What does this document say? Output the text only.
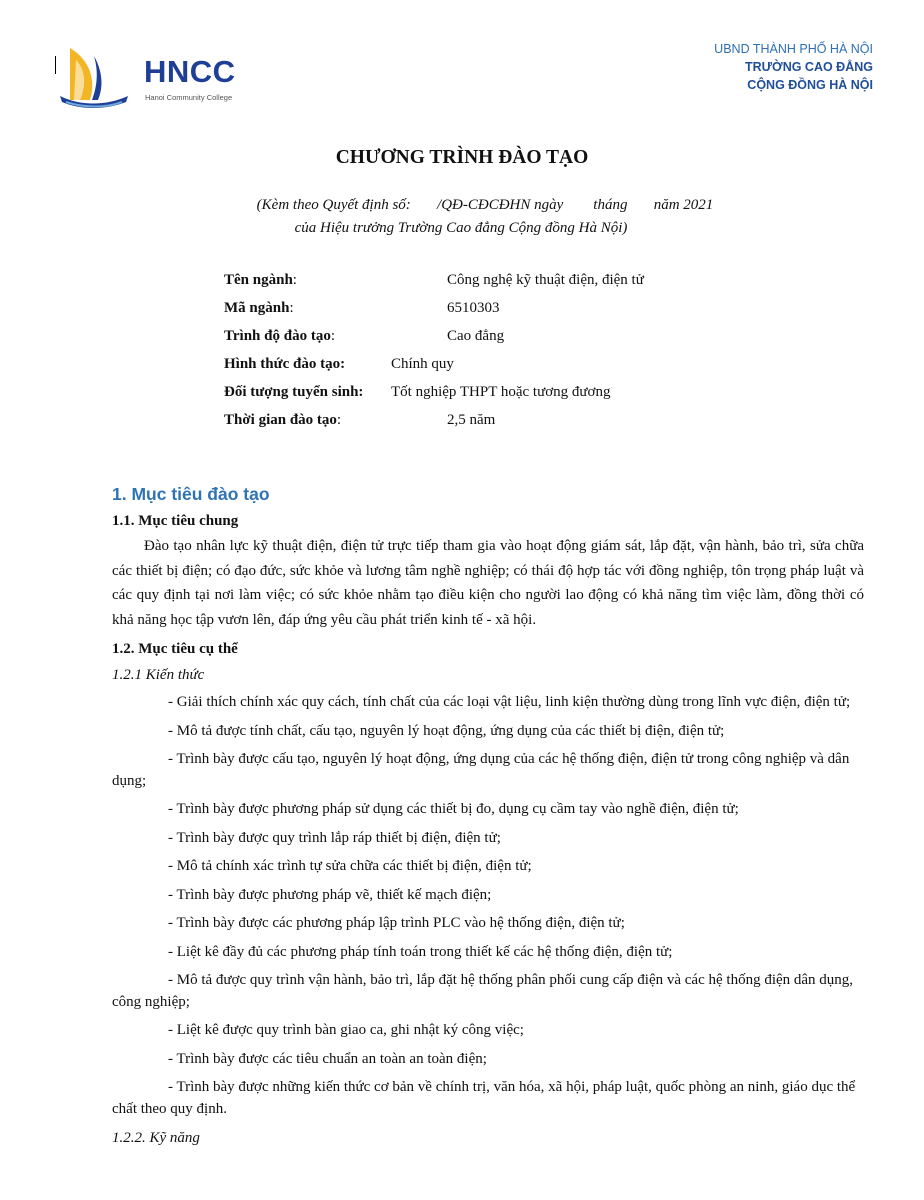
HNCC
Hanoi Community College
UBND THÀNH PHỐ HÀ NỘI
TRƯỜNG CAO ĐẲNG
CỘNG ĐỒNG HÀ NỘI
CHƯƠNG TRÌNH ĐÀO TẠO
(Kèm theo Quyết định số:       /QĐ-CĐCĐHN ngày        tháng       năm 2021
của Hiệu trưởng Trường Cao đẳng Cộng đồng Hà Nội)
Tên ngành:	Công nghệ kỹ thuật điện, điện tử
Mã ngành:	6510303
Trình độ đào tạo:	Cao đẳng
Hình thức đào tạo:	Chính quy
Đối tượng tuyển sinh: Tốt nghiệp THPT hoặc tương đương
Thời gian đào tạo:	2,5 năm
1. Mục tiêu đào tạo
1.1. Mục tiêu chung

Đào tạo nhân lực kỹ thuật điện, điện tử trực tiếp tham gia vào hoạt động giám sát, lắp đặt, vận hành, bảo trì, sửa chữa các thiết bị điện; có đạo đức, sức khỏe và lương tâm nghề nghiệp; có thái độ hợp tác với đồng nghiệp, tôn trọng pháp luật và các quy định tại nơi làm việc; có sức khỏe nhằm tạo điều kiện cho người lao động có khả năng tìm việc làm, đồng thời có khả năng học tập vươn lên, đáp ứng yêu cầu phát triển kinh tế - xã hội.

1.2. Mục tiêu cụ thể
1.2.1 Kiến thức

- Giải thích chính xác quy cách, tính chất của các loại vật liệu, linh kiện thường dùng trong lĩnh vực điện, điện tử;

- Mô tả được tính chất, cấu tạo, nguyên lý hoạt động, ứng dụng của các thiết bị điện, điện tử;

- Trình bày được cấu tạo, nguyên lý hoạt động, ứng dụng của các hệ thống điện, điện tử trong công nghiệp và dân dụng;

- Trình bày được phương pháp sử dụng các thiết bị đo, dụng cụ cầm tay vào nghề điện, điện tử;

- Trình bày được quy trình lắp ráp thiết bị điện, điện tử;

- Mô tả chính xác trình tự sửa chữa các thiết bị điện, điện tử;

- Trình bày được phương pháp vẽ, thiết kế mạch điện;

- Trình bày được các phương pháp lập trình PLC vào hệ thống điện, điện tử;

- Liệt kê đầy đủ các phương pháp tính toán trong thiết kế các hệ thống điện, điện tử;

- Mô tả được quy trình vận hành, bảo trì, lắp đặt hệ thống phân phối cung cấp điện và các hệ thống điện dân dụng, công nghiệp;

- Liệt kê được quy trình bàn giao ca, ghi nhật ký công việc;

- Trình bày được các tiêu chuẩn an toàn an toàn điện;

- Trình bày được những kiến thức cơ bản về chính trị, văn hóa, xã hội, pháp luật, quốc phòng an ninh, giáo dục thể chất theo quy định.

1.2.2. Kỹ năng
